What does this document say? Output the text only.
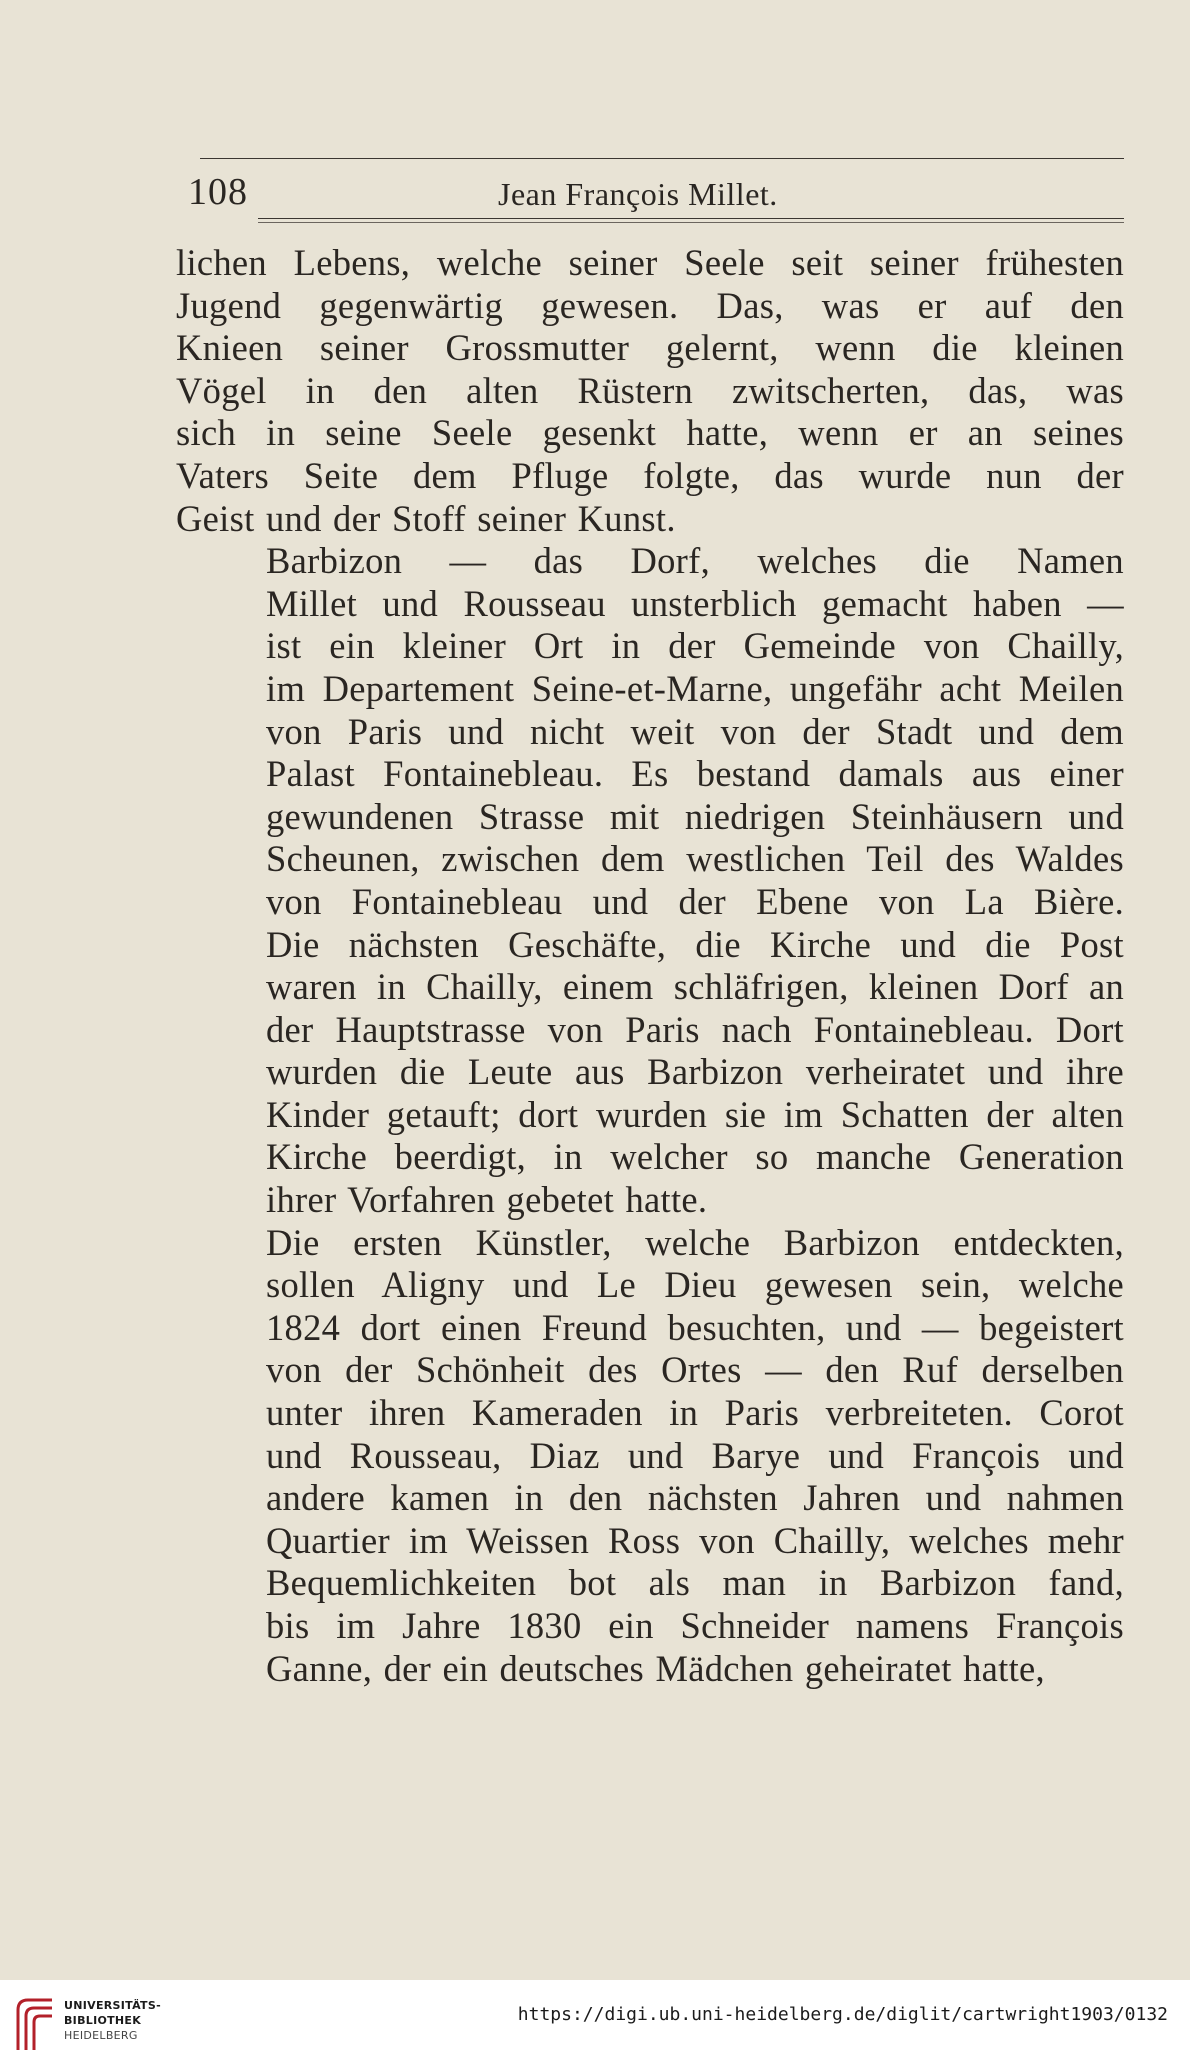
108	Jean François Millet.

lichen Lebens, welche seiner Seele seit seiner frühesten
Jugend gegenwärtig gewesen. Das, was er auf den
Knieen seiner Grossmutter gelernt, wenn die kleinen
Vögel in den alten Rüstern zwitscherten, das, was
sich in seine Seele gesenkt hatte, wenn er an seines
Vaters Seite dem Pfluge folgte, das wurde nun der
Geist und der Stoff seiner Kunst.

Barbizon — das Dorf, welches die Namen
Millet und Rousseau unsterblich gemacht haben —
ist ein kleiner Ort in der Gemeinde von Chailly,
im Departement Seine-et-Marne, ungefähr acht Meilen
von Paris und nicht weit von der Stadt und dem
Palast Fontainebleau. Es bestand damals aus einer
gewundenen Strasse mit niedrigen Steinhäusern und
Scheunen, zwischen dem westlichen Teil des Waldes
von Fontainebleau und der Ebene von La Bière.
Die nächsten Geschäfte, die Kirche und die Post
waren in Chailly, einem schläfrigen, kleinen Dorf an
der Hauptstrasse von Paris nach Fontainebleau. Dort
wurden die Leute aus Barbizon verheiratet und ihre
Kinder getauft; dort wurden sie im Schatten der alten
Kirche beerdigt, in welcher so manche Generation
ihrer Vorfahren gebetet hatte.

Die ersten Künstler, welche Barbizon entdeckten,
sollen Aligny und Le Dieu gewesen sein, welche
1824 dort einen Freund besuchten, und — begeistert
von der Schönheit des Ortes — den Ruf derselben
unter ihren Kameraden in Paris verbreiteten. Corot
und Rousseau, Diaz und Barye und François und
andere kamen in den nächsten Jahren und nahmen
Quartier im Weissen Ross von Chailly, welches mehr
Bequemlichkeiten bot als man in Barbizon fand,
bis im Jahre 1830 ein Schneider namens François
Ganne, der ein deutsches Mädchen geheiratet hatte,

UNIVERSITÄTS-
BIBLIOTHEK
HEIDELBERG
https://digi.ub.uni-heidelberg.de/diglit/cartwright1903/0132
